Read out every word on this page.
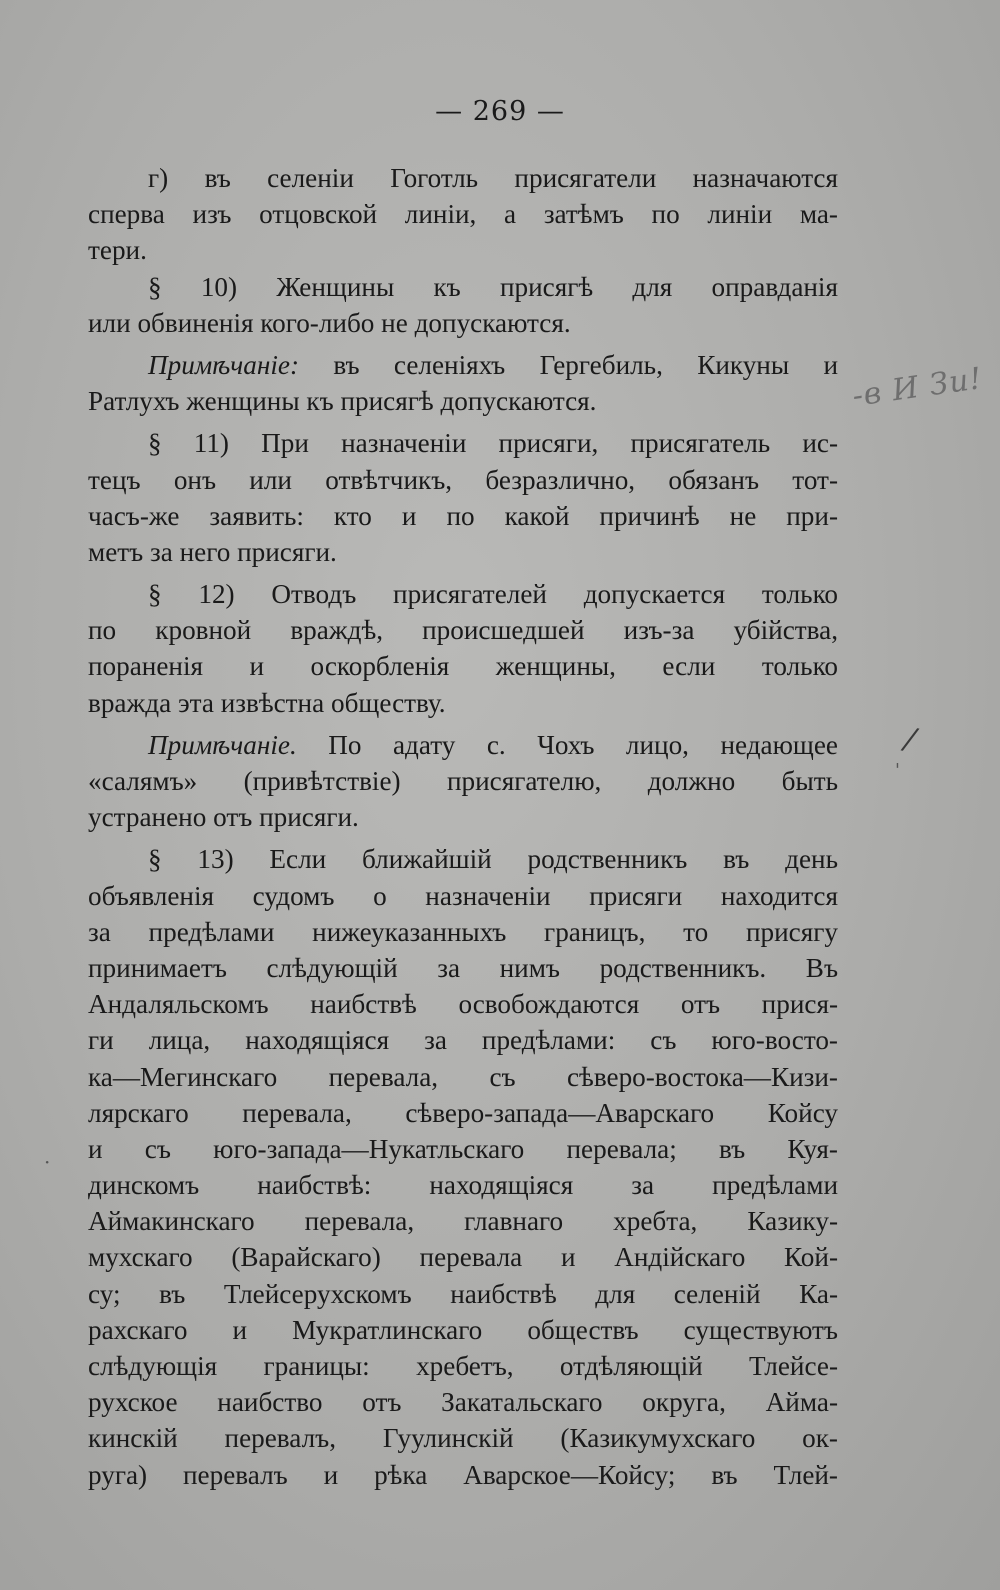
— 269 —
г) въ селеніи Гоготль присягатели назначаются
сперва изъ отцовской линіи, а затѣмъ по линіи ма-
тери.
§ 10) Женщины къ присягѣ для оправданія
или обвиненія кого-либо не допускаются.
Примѣчаніе: въ селеніяхъ Гергебиль, Кикуны и
Ратлухъ женщины къ присягѣ допускаются.
§ 11) При назначеніи присяги, присягатель ис-
тецъ онъ или отвѣтчикъ, безразлично, обязанъ тот-
часъ-же заявить: кто и по какой причинѣ не при-
метъ за него присяги.
§ 12) Отводъ присягателей допускается только
по кровной враждѣ, происшедшей изъ-за убійства,
пораненія и оскорбленія женщины, если только
вражда эта извѣстна обществу.
Примѣчаніе. По адату с. Чохъ лицо, недающее
«салямъ» (привѣтствіе) присягателю, должно быть
устранено отъ присяги.
§ 13) Если ближайшій родственникъ въ день
объявленія судомъ о назначеніи присяги находится
за предѣлами нижеуказанныхъ границъ, то присягу
принимаетъ слѣдующій за нимъ родственникъ. Въ
Андаляльскомъ наибствѣ освобождаются отъ прися-
ги лица, находящіяся за предѣлами: съ юго-восто-
ка—Мегинскаго перевала, съ сѣверо-востока—Кизи-
лярскаго перевала, сѣверо-запада—Аварскаго Койсу
и съ юго-запада—Нукатльскаго перевала; въ Куя-
динскомъ наибствѣ: находящіяся за предѣлами
Аймакинскаго перевала, главнаго хребта, Казику-
мухскаго (Варайскаго) перевала и Андійскаго Кой-
су; въ Тлейсерухскомъ наибствѣ для селеній Ка-
рахскаго и Мукратлинскаго обществъ существуютъ
слѣдующія границы: хребетъ, отдѣляющій Тлейсе-
рухское наибство отъ Закатальскаго округа, Айма-
кинскій перевалъ, Гуулинскій (Казикумухскаго ок-
руга) перевалъ и рѣка Аварское—Койсу; въ Тлей-
-в И Зи!
/
'
·
